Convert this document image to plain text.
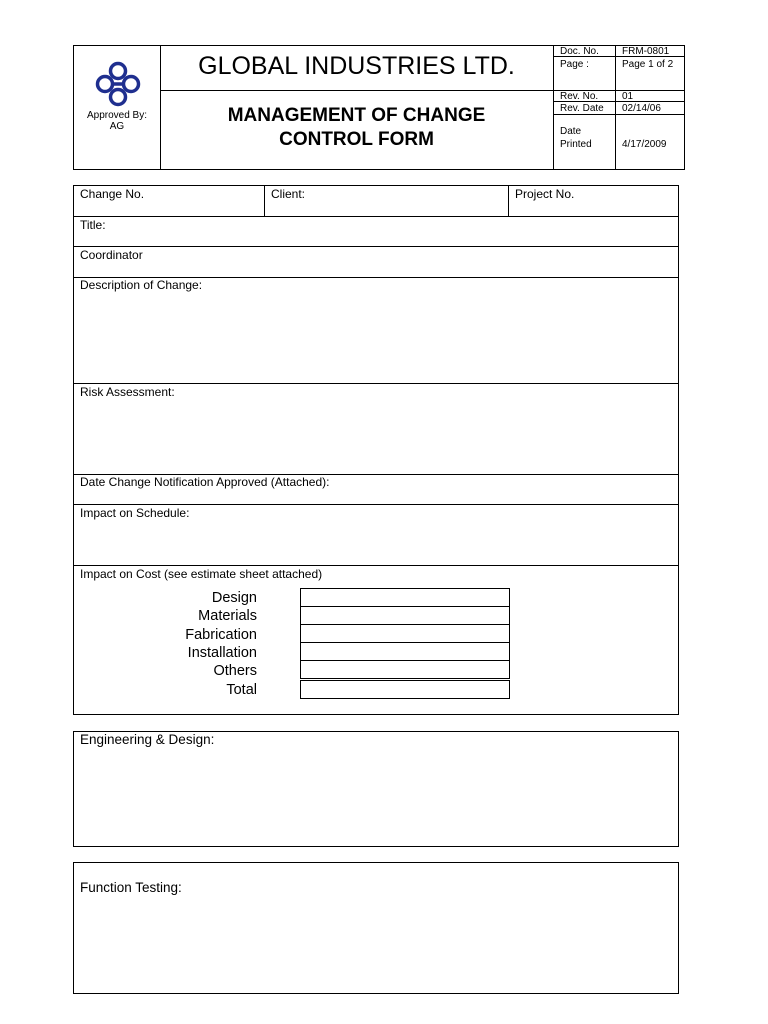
Approved By:
AG
GLOBAL INDUSTRIES LTD.
MANAGEMENT OF CHANGE
CONTROL FORM
Doc. No.
Page :
Rev. No.
Rev. Date
Date
Printed
FRM-0801
Page 1 of 2
01
02/14/06
4/17/2009
Change No.	Client:	Project No.
Title:
Coordinator
Description of Change:
Risk Assessment:
Date Change Notification Approved (Attached):
Impact on Schedule:
Impact on Cost (see estimate sheet attached)
Design
Materials
Fabrication
Installation
Others
Total
Engineering & Design:
Function Testing:
